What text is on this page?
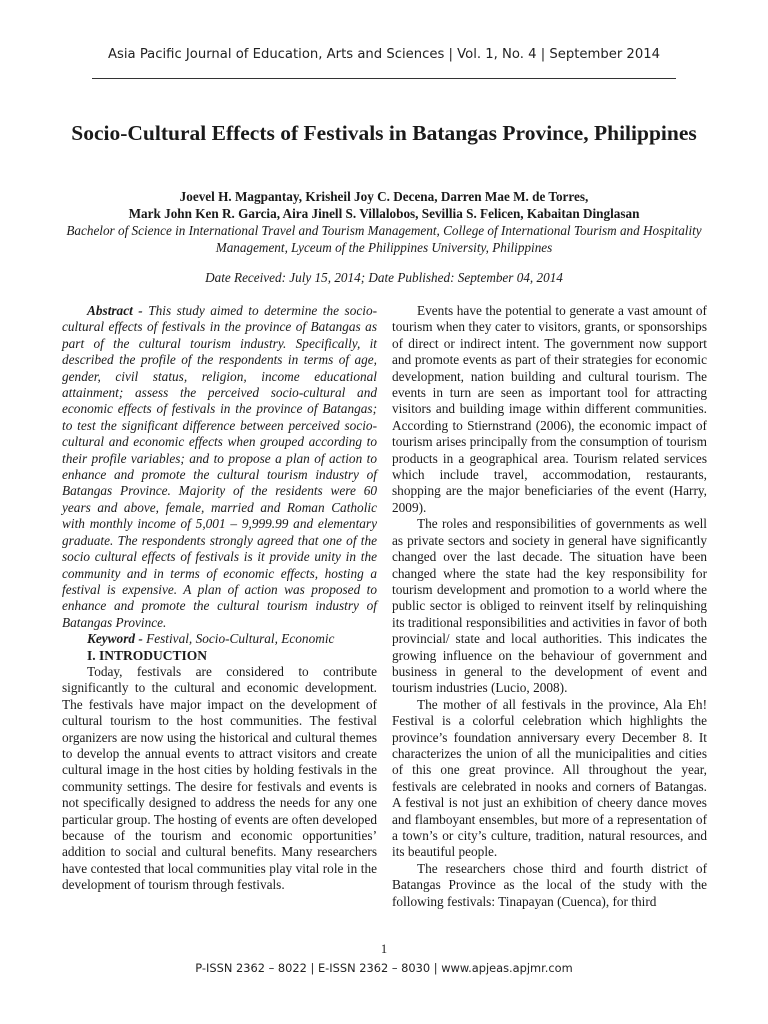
Asia Pacific Journal of Education, Arts and Sciences | Vol. 1, No. 4 | September 2014
Socio-Cultural Effects of Festivals in Batangas Province, Philippines
Joevel H. Magpantay, Krisheil Joy C. Decena, Darren Mae M. de Torres,
Mark John Ken R. Garcia, Aira Jinell S. Villalobos, Sevillia S. Felicen, Kabaitan Dinglasan
Bachelor of Science in International Travel and Tourism Management, College of International Tourism and Hospitality Management, Lyceum of the Philippines University, Philippines
Date Received: July 15, 2014; Date Published: September 04, 2014

Abstract - This study aimed to determine the socio-cultural effects of festivals in the province of Batangas as part of the cultural tourism industry. Specifically, it described the profile of the respondents in terms of age, gender, civil status, religion, income educational attainment; assess the perceived socio-cultural and economic effects of festivals in the province of Batangas; to test the significant difference between perceived socio-cultural and economic effects when grouped according to their profile variables; and to propose a plan of action to enhance and promote the cultural tourism industry of Batangas Province. Majority of the residents were 60 years and above, female, married and Roman Catholic with monthly income of 5,001 – 9,999.99 and elementary graduate. The respondents strongly agreed that one of the socio cultural effects of festivals is it provide unity in the community and in terms of economic effects, hosting a festival is expensive. A plan of action was proposed to enhance and promote the cultural tourism industry of Batangas Province.

Keyword - Festival, Socio-Cultural, Economic

I. INTRODUCTION

Today, festivals are considered to contribute significantly to the cultural and economic development. The festivals have major impact on the development of cultural tourism to the host communities. The festival organizers are now using the historical and cultural themes to develop the annual events to attract visitors and create cultural image in the host cities by holding festivals in the community settings. The desire for festivals and events is not specifically designed to address the needs for any one particular group. The hosting of events are often developed because of the tourism and economic opportunities’ addition to social and cultural benefits. Many researchers have contested that local communities play vital role in the development of tourism through festivals.

Events have the potential to generate a vast amount of tourism when they cater to visitors, grants, or sponsorships of direct or indirect intent. The government now support and promote events as part of their strategies for economic development, nation building and cultural tourism. The events in turn are seen as important tool for attracting visitors and building image within different communities. According to Stiernstrand (2006), the economic impact of tourism arises principally from the consumption of tourism products in a geographical area. Tourism related services which include travel, accommodation, restaurants, shopping are the major beneficiaries of the event (Harry, 2009).

The roles and responsibilities of governments as well as private sectors and society in general have significantly changed over the last decade. The situation have been changed where the state had the key responsibility for tourism development and promotion to a world where the public sector is obliged to reinvent itself by relinquishing its traditional responsibilities and activities in favor of both provincial/ state and local authorities. This indicates the growing influence on the behaviour of government and business in general to the development of event and tourism industries (Lucio, 2008).

The mother of all festivals in the province, Ala Eh! Festival is a colorful celebration which highlights the province’s foundation anniversary every December 8. It characterizes the union of all the municipalities and cities of this one great province. All throughout the year, festivals are celebrated in nooks and corners of Batangas. A festival is not just an exhibition of cheery dance moves and flamboyant ensembles, but more of a representation of a town’s or city’s culture, tradition, natural resources, and its beautiful people.

The researchers chose third and fourth district of Batangas Province as the local of the study with the following festivals: Tinapayan (Cuenca), for third

1
P-ISSN 2362 – 8022 | E-ISSN 2362 – 8030 | www.apjeas.apjmr.com
